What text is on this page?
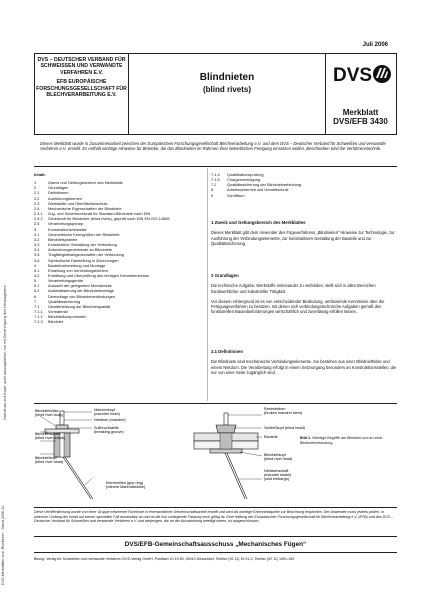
Juli 2006
DVS – DEUTSCHER VERBAND FÜR SCHWEISSEN UND VERWANDTE VERFAHREN E.V.
EFB EUROPÄISCHE FORSCHUNGSGESELLSCHAFT FÜR BLECHVERARBEITUNG E.V.
Blindnieten
(blind rivets)
DVS
Merkblatt
DVS/EFB 3430
Dieses Merkblatt wurde in Zusammenarbeit zwischen der Europäischen Forschungsgesellschaft Blechverarbeitung e.V. und dem DVS – Deutscher Verband für Schweißen und verwandte Verfahren e.V. erstellt. Es enthält wichtige Hinweise für Betriebe, die das Blindnieten im Rahmen ihrer betrieblichen Fertigung einsetzen wollen. Beschrieben wird die Verfahrenstechnik.
Nachdruck und Kopie, auch auszugsweise, nur mit Genehmigung des Herausgebers
DVS-Merkblätter und -Richtlinien - Stand 2006-12
Inhalt:
1	Zweck und Geltungsbereich des Merkblatts
2	Grundlagen
2.1	Definitionen
2.2	Ausführungsformen
2.3	Werkstoffe und Oberflächenschutz
2.4	Mechanische Eigenschaften der Blindniete
2.4.1	Zug- und Scherbruchkraft für Standard-Blindniete nach DIN
2.4.2	Scherkraft für Blindniete (blind rivets), geprüft nach DIN EN ISO 14589
2.5	Verarbeitungsprinzip
3	Konstruktionshinweise
3.1	Geometrische Kenngrößen der Blindniete
3.2	Blindnietsysteme
3.3	Konstruktive Gestaltung der Verbindung
3.4	Anforderungsmerkmale an Blindniete
3.5	Tragfähigkeitseigenschaften der Verbindung
3.6	Symbolische Darstellung in Zeichnungen
4	Bauteilvorbereitung und Montage
4.1	Erstellung von Verbindungslöchern
4.2	Ermittlung und Überprüfung des richtigen Klemmbereiches
5	Verarbeitungsgeräte
5.1	Auswahl der geeigneten Mundstücke
5.2	Automatisierung der Blindnietmontage
6	Demontage von Blindnietverbindungen
7	Qualitätssicherung
7.1	Gewährleistung der Blindnietqualität
7.1.1	Vormaterial
7.1.2	Blindnietkomponenten
7.1.3	Blindniet
7.1.4	Qualifikationsprüfung
7.1.5	Chargenverfolgung
7.2	Qualitätssicherung der Blindnietverbindung
8	Arbeitssicherheit und Umweltschutz
9	Schrifttum
1 Zweck und Geltungsbereich des Merkblattes

Dieses Merkblatt gibt dem Anwender des Fügeverfahrens „Blindnieten“ Hinweise zur Technologie, zur Ausführung der Verbindungselemente, zur konstruktiven Gestaltung der Bauteile und zur Qualitätssicherung.

2 Grundlagen

Die technische Aufgabe, Werkstoffe miteinander zu verbinden, stellt sich in allen Bereichen handwerklicher und industrieller Tätigkeit.

Vor diesem Hintergrund ist es von entscheidender Bedeutung, umfassende Kenntnisse über die Fertigungsverfahren zu besitzen, mit denen sich verbindungstechnische Aufgaben gemäß den funktionellen Bauteilanforderungen wirtschaftlich und zuverlässig erfüllen lassen.

2.1 Definitionen

Die Blindniete sind mechanische Verbindungselemente. Sie bestehen aus einer Blindniethülse und einem Nietdorn. Die Verarbeitung erfolgt in einem Setzvorgang besonders an Konstruktionsstellen, die nur von einer Seite zugänglich sind.

Nietdornkopf
(mandrel head)
Nietdorn (mandrel)
Sollbruchstelle
(breaking groove)
Blindniethülse
(blind rivet body)
Blindnietschaft
(blind rivet shank)
Blindnietkopf
(blind rivet head)
Klemmrillen (grip ring)
(nähere Materialstärke)
Restnietdorn
(broken mandrel stem)
Schließkopf (blind head)
Bauteile
Blindnietkopf
(blind rivet head)
Nietdornschaft
(mandrel shank)
(wild embargo)
Bild 1. Wichtige Begriffe am Blindniet und an einer Blindnietverbindung.
Diese Veröffentlichung wurde von einer Gruppe erfahrener Fachleute in ehrenamtlicher Gemeinschaftsarbeit erstellt und wird als wichtige Erkenntnisquelle zur Beachtung empfohlen. Der Anwender muss jeweils prüfen, in welchem Umfang der Inhalt auf seinen speziellen Fall anwendbar ist und ob die ihm vorliegende Fassung noch gültig ist. Eine Haftung der Europäischen Forschungsgesellschaft für Blechverarbeitung e.V. (EFB) und des DVS – Deutscher Verband für Schweißen und verwandte Verfahren e.V. und derjenigen, die an der Ausarbeitung beteiligt waren, ist ausgeschlossen.
DVS/EFB-Gemeinschaftsausschuss „Mechanisches Fügen“
Bezug: Verlag für Schweißen und verwandte Verfahren DVS-Verlag GmbH, Postfach 10 19 65, 40010 Düsseldorf, Telefon (02 11) 15 91-0, Telefax (02 11) 1591-150
